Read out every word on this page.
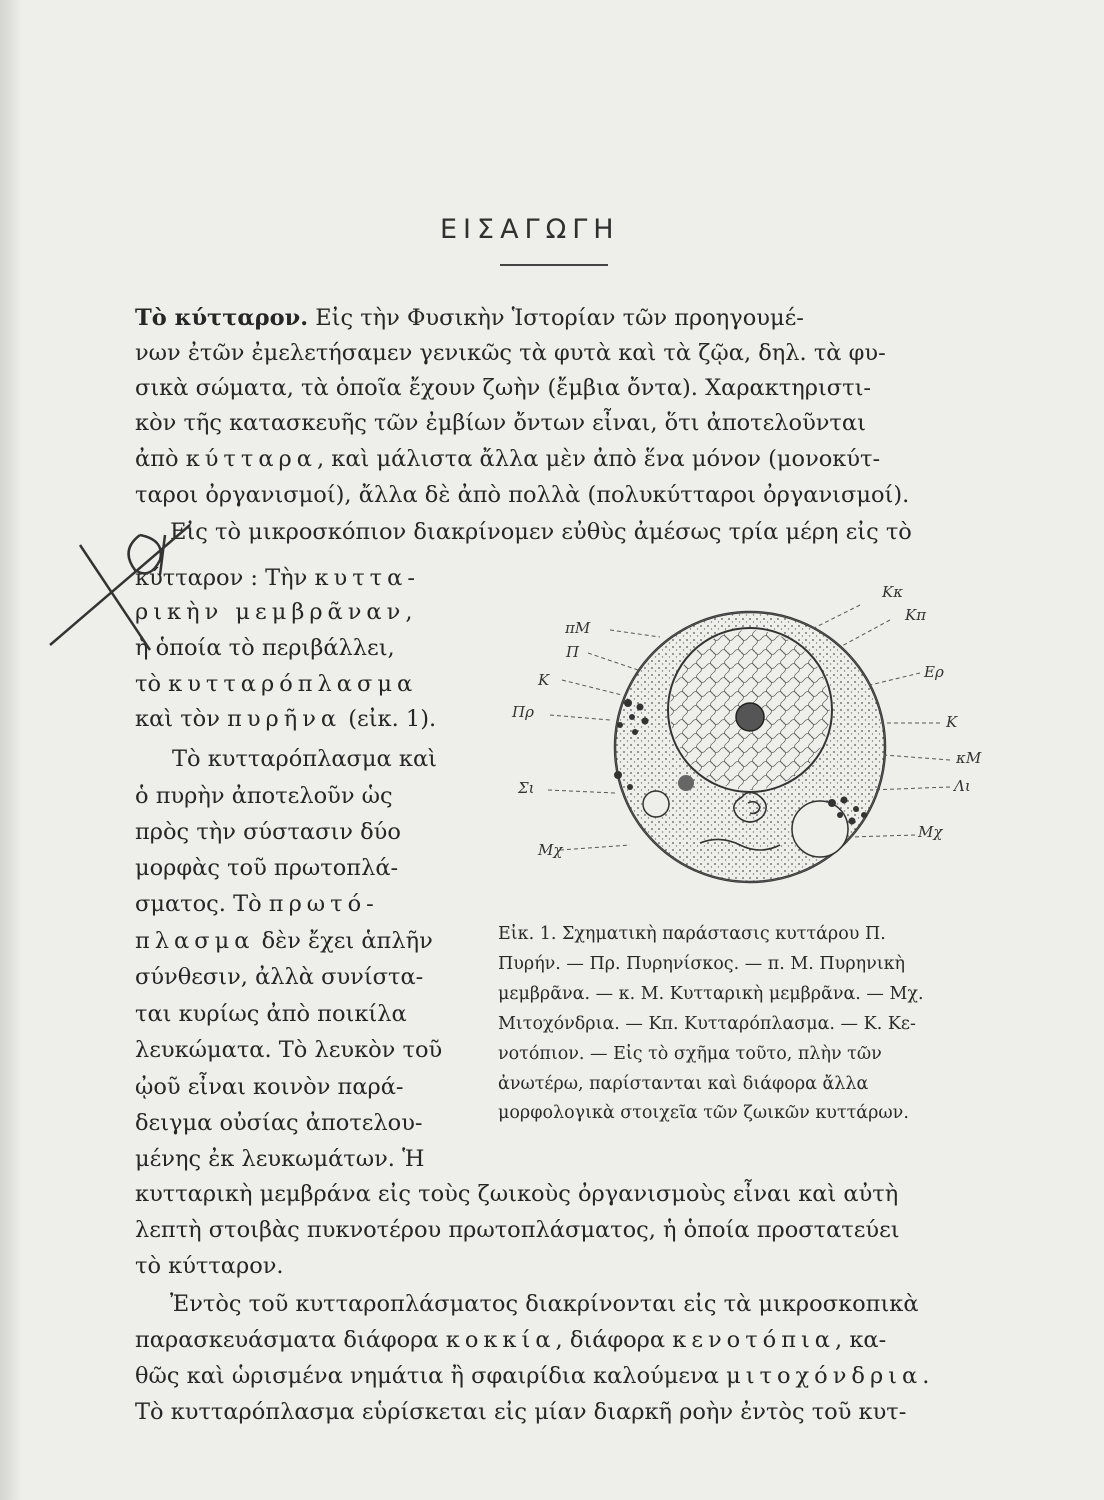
ΕΙΣΑΓΩΓΗ
Τὸ κύτταρον. Εἰς τὴν Φυσικὴν Ἱστορίαν τῶν προηγουμέ-
νων ἐτῶν ἐμελετήσαμεν γενικῶς τὰ φυτὰ καὶ τὰ ζῷα, δηλ. τὰ φυ-
σικὰ σώματα, τὰ ὁποῖα ἔχουν ζωὴν (ἔμβια ὄντα). Χαρακτηριστι-
κὸν τῆς κατασκευῆς τῶν ἐμβίων ὄντων εἶναι, ὅτι ἀποτελοῦνται
ἀπὸ κύτταρα, καὶ μάλιστα ἄλλα μὲν ἀπὸ ἕνα μόνον (μονοκύτ-
ταροι ὀργανισμοί), ἄλλα δὲ ἀπὸ πολλὰ (πολυκύτταροι ὀργανισμοί).
Εἰς τὸ μικροσκόπιον διακρίνομεν εὐθὺς ἀμέσως τρία μέρη εἰς τὸ
κύτταρον : Τὴν κυττα-
ρικὴν μεμβρᾶναν,
ἡ ὁποία τὸ περιβάλλει,
τὸ κυτταρόπλασμα
καὶ τὸν πυρῆνα (εἰκ. 1).
Τὸ κυτταρόπλασμα καὶ
ὁ πυρὴν ἀποτελοῦν ὡς
πρὸς τὴν σύστασιν δύο
μορφὰς τοῦ πρωτοπλά-
σματος. Τὸ πρωτό-
πλασμα δὲν ἔχει ἁπλῆν
σύνθεσιν, ἀλλὰ συνίστα-
ται κυρίως ἀπὸ ποικίλα
λευκώματα. Τὸ λευκὸν τοῦ
ᾠοῦ εἶναι κοινὸν παρά-
δειγμα οὐσίας ἀποτελου-
μένης ἐκ λευκωμάτων. Ἡ
πΜ
Π
Κ
Πρ
Σι
Μχ
Κκ
Κπ
Ερ
Κ
κΜ
Λι
Μχ
Εἰκ. 1. Σχηματικὴ παράστασις κυττάρου Π.
Πυρήν. — Πρ. Πυρηνίσκος. — π. Μ. Πυρηνικὴ
μεμβρᾶνα. — κ. Μ. Κυτταρικὴ μεμβρᾶνα. — Μχ.
Μιτοχόνδρια. — Κπ. Κυτταρόπλασμα. — Κ. Κε-
νοτόπιον. — Εἰς τὸ σχῆμα τοῦτο, πλὴν τῶν
ἀνωτέρω, παρίστανται καὶ διάφορα ἄλλα
μορφολογικὰ στοιχεῖα τῶν ζωικῶν κυττάρων.
κυτταρικὴ μεμβράνα εἰς τοὺς ζωικοὺς ὀργανισμοὺς εἶναι καὶ αὐτὴ
λεπτὴ στοιβὰς πυκνοτέρου πρωτοπλάσματος, ἡ ὁποία προστατεύει
τὸ κύτταρον.
Ἐντὸς τοῦ κυτταροπλάσματος διακρίνονται εἰς τὰ μικροσκοπικὰ
παρασκευάσματα διάφορα κοκκία, διάφορα κενοτόπια, κα-
θῶς καὶ ὡρισμένα νημάτια ἢ σφαιρίδια καλούμενα μιτοχόνδρια.
Τὸ κυτταρόπλασμα εὑρίσκεται εἰς μίαν διαρκῆ ροὴν ἐντὸς τοῦ κυτ-
